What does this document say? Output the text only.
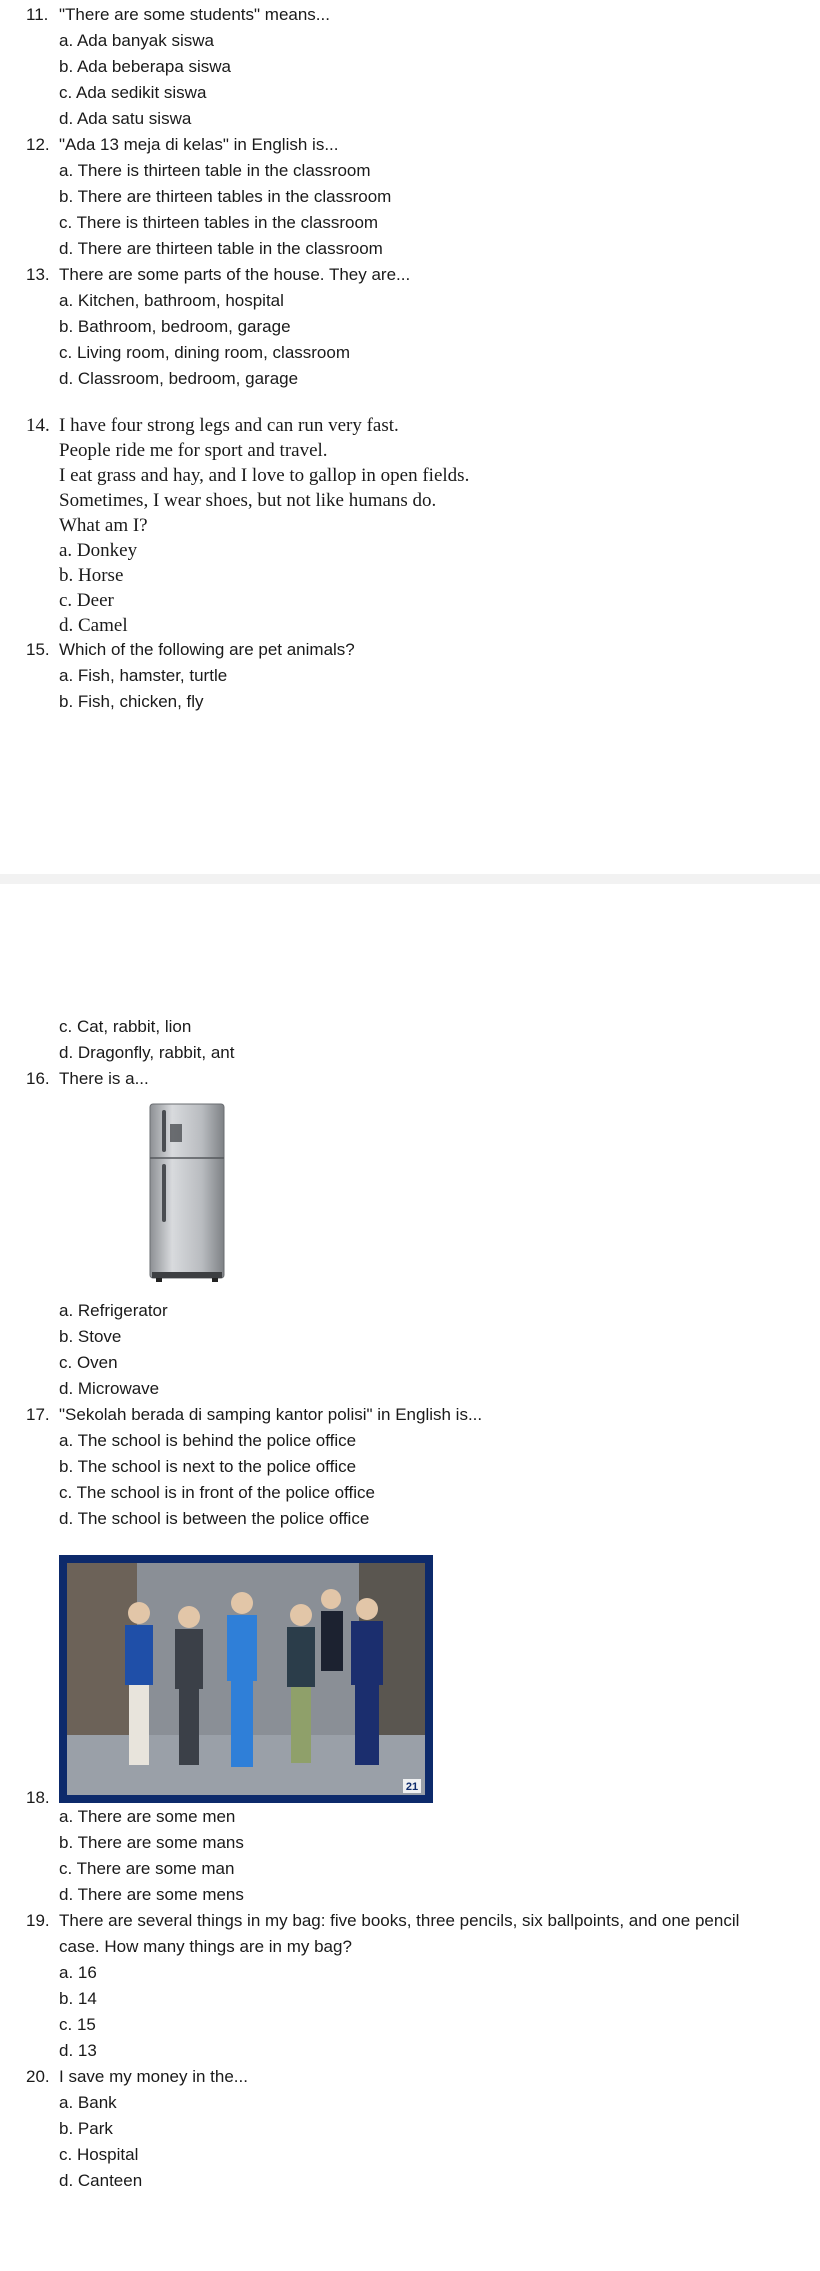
11. "There are some students" means...
a. Ada banyak siswa
b. Ada beberapa siswa
c. Ada sedikit siswa
d. Ada satu siswa
12. "Ada 13 meja di kelas" in English is...
a. There is thirteen table in the classroom
b. There are thirteen tables in the classroom
c. There is thirteen tables in the classroom
d. There are thirteen table in the classroom
13. There are some parts of the house. They are...
a. Kitchen, bathroom, hospital
b. Bathroom, bedroom, garage
c. Living room, dining room, classroom
d. Classroom, bedroom, garage
14. I have four strong legs and can run very fast.
People ride me for sport and travel.
I eat grass and hay, and I love to gallop in open fields.
Sometimes, I wear shoes, but not like humans do.
What am I?
a. Donkey
b. Horse
c. Deer
d. Camel
15. Which of the following are pet animals?
a. Fish, hamster, turtle
b. Fish, chicken, fly
c. Cat, rabbit, lion
d. Dragonfly, rabbit, ant
16. There is a...
a. Refrigerator
b. Stove
c. Oven
d. Microwave
17. "Sekolah berada di samping kantor polisi" in English is...
a. The school is behind the police office
b. The school is next to the police office
c. The school is in front of the police office
d. The school is between the police office
21
18.
a. There are some men
b. There are some mans
c. There are some man
d. There are some mens
19. There are several things in my bag: five books, three pencils, six ballpoints, and one pencil
case. How many things are in my bag?
a. 16
b. 14
c. 15
d. 13
20. I save my money in the...
a. Bank
b. Park
c. Hospital
d. Canteen
